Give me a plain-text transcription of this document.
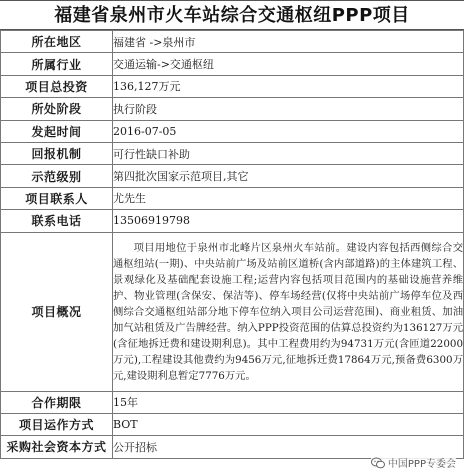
福建省泉州市火车站综合交通枢纽PPP项目
所在地区	福建省 ->泉州市
所属行业	交通运输->交通枢纽
项目总投资	136,127万元
所处阶段	执行阶段
发起时间	2016-07-05
回报机制	可行性缺口补助
示范级别	第四批次国家示范项目,其它
项目联系人	尤先生
联系电话	13506919798
项目概况	项目用地位于泉州市北峰片区泉州火车站前。建设内容包括西侧综合交通枢纽站(一期)、中央站前广场及站前区道桥(含内部道路)的主体建筑工程、景观绿化及基础配套设施工程;运营内容包括项目范围内的基础设施营养维护、物业管理(含保安、保洁等)、停车场经营(仅将中央站前广场停车位及西侧综合交通枢纽站部分地下停车位纳入项目公司运营范围)、商业租赁、加油加气站租赁及广告牌经营。纳入PPP投资范围的估算总投资约为136127万元(含征地拆迁费和建设期利息)。其中工程费用约为94731万元(含匝道22000万元),工程建设其他费约为9456万元,征地拆迁费17864万元,预备费6300万元,建设期利息暂定7776万元。

合作期限	15年
项目运作方式	BOT
采购社会资本方式	公开招标
中国PPP专委会
